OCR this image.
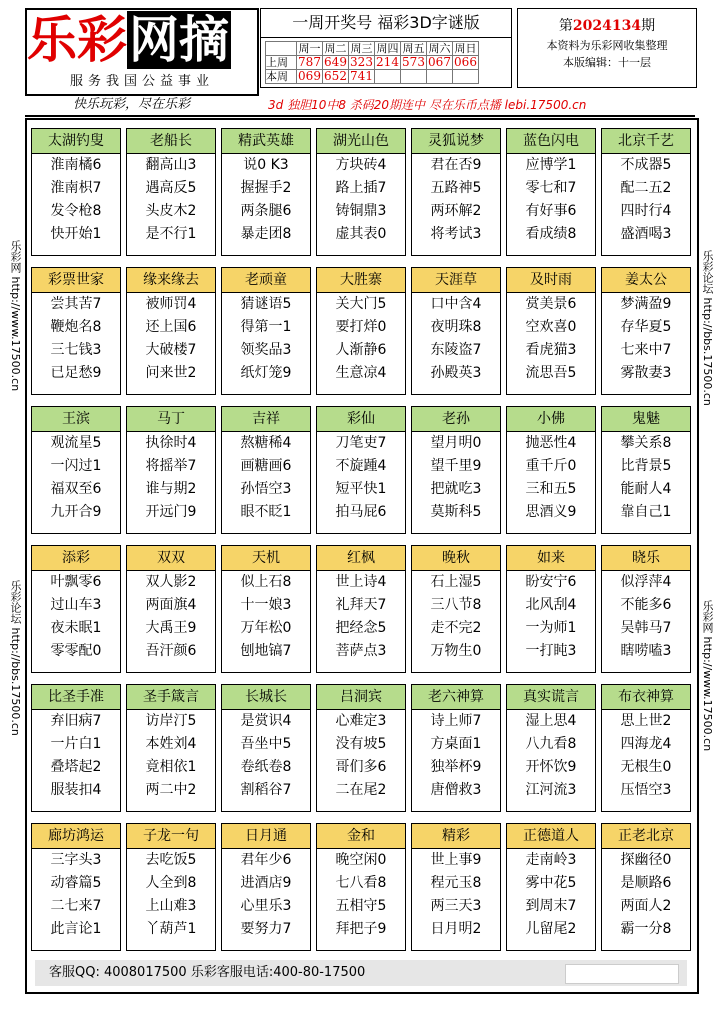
乐彩网摘
服务我国公益事业
一周开奖号 福彩3D字谜版
	周一	周二	周三	周四	周五	周六	周日
上周	787	649	323	214	573	067	066
本周	069	652	741				
第2024134期
本资料为乐彩网收集整理
本版编辑：十一层
快乐玩彩，尽在乐彩	3d 独胆10中8 杀码20期连中 尽在乐币点播 lebi.17500.cn
乐彩网 http://www.17500.cn
乐彩论坛 http://bbs.17500.cn
乐彩论坛 http://bbs.17500.cn
乐彩网 http://www.17500.cn
太湖钓叟
淮南橘6
淮南枳7
发令枪8
快开始1
老船长
翻高山3
遇高反5
头皮木2
是不行1
精武英雄
说0 K3
握握手2
两条腿6
暴走团8
湖光山色
方块砖4
路上插7
铸铜鼎3
虚其表0
灵狐说梦
君在否9
五路神5
两环解2
将考试3
蓝色闪电
应博学1
零七和7
有好事6
看成绩8
北京千艺
不成器5
配二五2
四时行4
盛酒喝3
彩票世家
尝其苦7
鞭炮名8
三七钱3
已足愁9
缘来缘去
被师罚4
还上国6
大破楼7
问来世2
老顽童
猜谜语5
得第一1
领奖品3
纸灯笼9
大胜寨
关大门5
要打烊0
人渐静6
生意凉4
天涯草
口中含4
夜明珠8
东陵盗7
孙殿英3
及时雨
赏美景6
空欢喜0
看虎猫3
流思吾5
姜太公
梦满盈9
存华夏5
七来中7
雾散妻3
王滨
观流星5
一闪过1
福双至6
九开合9
马丁
执徐时4
将摇举7
谁与期2
开远门9
吉祥
熬糖稀4
画糖画6
孙悟空3
眼不眨1
彩仙
刀笔吏7
不旋踵4
短平快1
拍马屁6
老孙
望月明0
望千里9
把就吃3
莫斯科5
小佛
抛恶性4
重千斤0
三和五5
思酒义9
鬼魅
攀关系8
比背景5
能耐人4
靠自己1
添彩
叶飘零6
过山车3
夜未眠1
零零配0
双双
双人影2
两面旗4
大禹王9
吾汗颜6
天机
似上石8
十一娘3
万年松0
刨地镐7
红枫
世上诗4
礼拜天7
把经念5
菩萨点3
晚秋
石上湿5
三八节8
走不完2
万物生0
如来
盼安宁6
北风刮4
一为师1
一打盹3
晓乐
似浮萍4
不能多6
吴韩马7
瞎唠嗑3
比圣手准
弃旧病7
一片白1
叠塔起2
服装扣4
圣手箴言
访岸汀5
本姓刘4
竟相依1
两二中2
长城长
是赏识4
吾坐中5
卷纸卷8
割稻谷7
吕洞宾
心难定3
没有坡5
哥们多6
二在尾2
老六神算
诗上师7
方桌面1
独举杯9
唐僧救3
真实谎言
湿上思4
八九看8
开怀饮9
江河流3
布衣神算
思上世2
四海龙4
无根生0
压悟空3
廊坊鸿运
三字头3
动睿篇5
二七来7
此言论1
子龙一句
去吃饭5
人全到8
上山难3
丫葫芦1
日月通
君年少6
进酒店9
心里乐3
要努力7
金和
晚空闲0
七八看8
五相守5
拜把子9
精彩
世上事9
程元玉8
两三天3
日月明2
正德道人
走南岭3
雾中花5
到周末7
儿留尾2
正老北京
探幽径0
是顺路6
两面人2
霸一分8
客服QQ: 4008017500 乐彩客服电话:400-80-17500
